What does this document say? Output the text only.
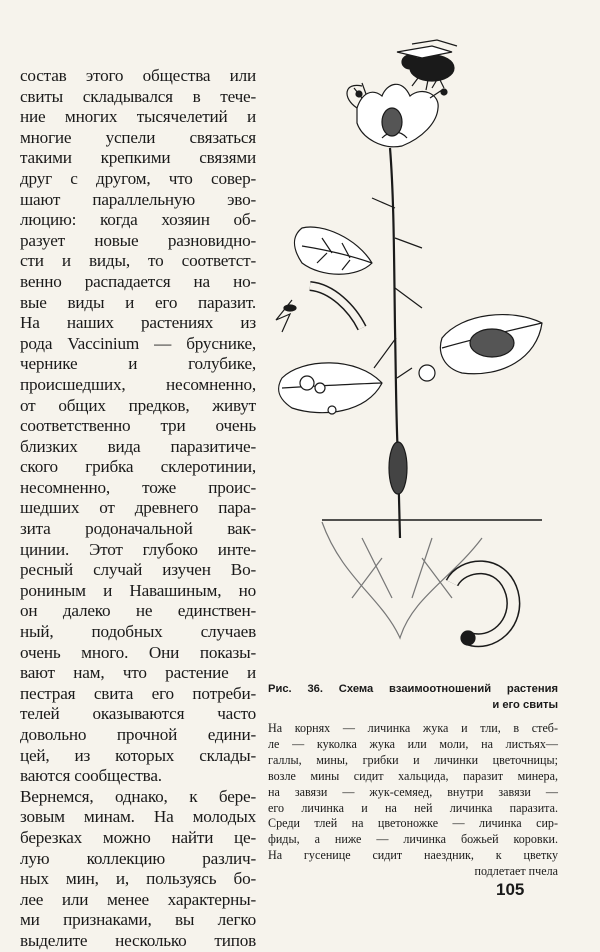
состав этого общества или
свиты складывался в тече-
ние многих тысячелетий и
многие успели связаться
такими крепкими связями
друг с другом, что совер-
шают параллельную эво-
люцию: когда хозяин об-
разует новые разновидно-
сти и виды, то соответст-
венно распадается на но-
вые виды и его паразит.
На наших растениях из
рода Vaccinium — бруснике,
чернике и голубике,
происшедших, несомненно,
от общих предков, живут
соответственно три очень
близких вида паразитиче-
ского грибка склеротинии,
несомненно, тоже проис-
шедших от древнего пара-
зита родоначальной вак-
цинии. Этот глубоко инте-
ресный случай изучен Во-
рониным и Навашиным, но
он далеко не единствен-
ный, подобных случаев
очень много. Они показы-
вают нам, что растение и
пестрая свита его потреби-
телей оказываются часто
довольно прочной едини-
цей, из которых склады-
ваются сообщества.
Вернемся, однако, к бере-
зовым минам. На молодых
березках можно найти це-
лую коллекцию различ-
ных мин, и, пользуясь бо-
лее или менее характерны-
ми признаками, вы легко
выделите несколько типов
Рис. 36. Схема взаимоотношений растения
и его свиты
На корнях — личинка жука и тли, в стеб-
ле — куколка жука или моли, на листьях—
галлы, мины, грибки и личинки цветочницы;
возле мины сидит хальцида, паразит минера,
на завязи — жук-семяед, внутри завязи —
его личинка и на ней личинка паразита.
Среди тлей на цветоножке — личинка сир-
фиды, а ниже — личинка божьей коровки.
На гусенице сидит наездник, к цветку
подлетает пчела
105
